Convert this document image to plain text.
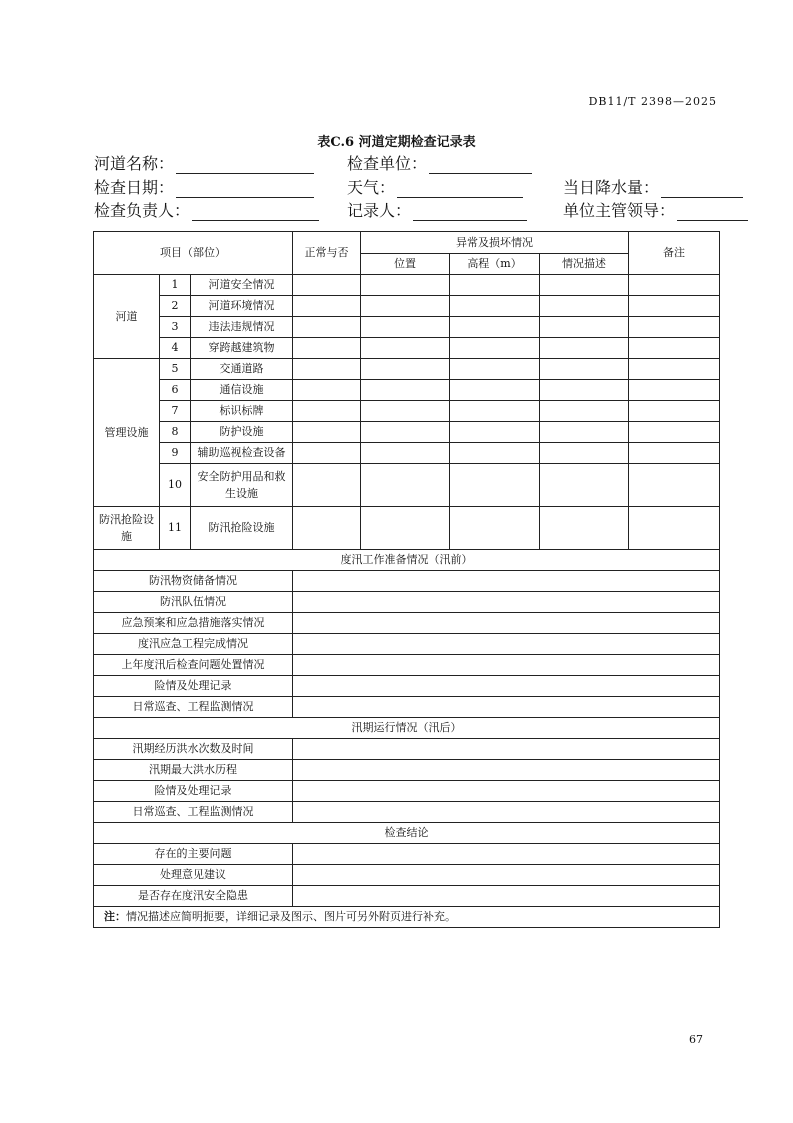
DB11/T 2398—2025
表C.6 河道定期检查记录表
河道名称：	检查单位：
检查日期：	天气：	当日降水量：
检查负责人：	记录人：	单位主管领导：
项目（部位）			正常与否	异常及损坏情况			备注
				位置	高程（m）	情况描述	
河道	1	河道安全情况					
	2	河道环境情况					
	3	违法违规情况					
	4	穿跨越建筑物					
管理设施	5	交通道路					
	6	通信设施					
	7	标识标牌					
	8	防护设施					
	9	辅助巡视检查设备					
	10	安全防护用品和救生设施					
防汛抢险设施	11	防汛抢险设施					
度汛工作准备情况（汛前）							
防汛物资储备情况							
防汛队伍情况							
应急预案和应急措施落实情况							
度汛应急工程完成情况							
上年度汛后检查问题处置情况							
险情及处理记录							
日常巡查、工程监测情况							
汛期运行情况（汛后）							
汛期经历洪水次数及时间							
汛期最大洪水历程							
险情及处理记录							
日常巡查、工程监测情况							
检查结论							
存在的主要问题							
处理意见建议							
是否存在度汛安全隐患							
注：情况描述应简明扼要，详细记录及图示、图片可另外附页进行补充。							
67
